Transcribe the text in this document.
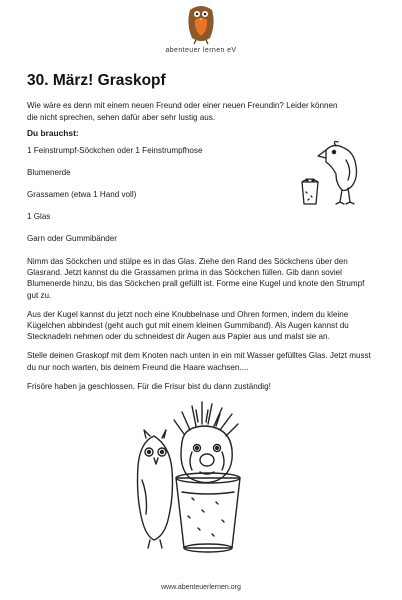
abenteuer lernen eV
30. März! Graskopf

Wie wäre es denn mit einem neuen Freund oder einer neuen Freundin? Leider können die nicht sprechen, sehen dafür aber sehr lustig aus.

Du brauchst:
1 Feinstrumpf-Söckchen oder 1 Feinstrumpfhose
Blumenerde
Grassamen (etwa 1 Hand voll)
1 Glas
Garn oder Gummibänder

Nimm das Söckchen und stülpe es in das Glas. Ziehe den Rand des Söckchens über den Glasrand. Jetzt kannst du die Grassamen prima in das Söckchen füllen. Gib dann soviel Blumenerde hinzu, bis das Söckchen prall gefüllt ist. Forme eine Kugel und knote den Strumpf gut zu.

Aus der Kugel kannst du jetzt noch eine Knubbelnase und Ohren formen, indem du kleine Kügelchen abbindest (geht auch gut mit einem kleinen Gummiband). Als Augen kannst du Stecknadeln nehmen oder du schneidest dir Augen aus Papier aus und malst sie an.

Stelle deinen Graskopf mit dem Knoten nach unten in ein mit Wasser gefülltes Glas. Jetzt musst du nur noch warten, bis deinem Freund die Haare wachsen....

Frisöre haben ja geschlossen. Für die Frisur bist du dann zuständig!

www.abenteuerlernen.org
